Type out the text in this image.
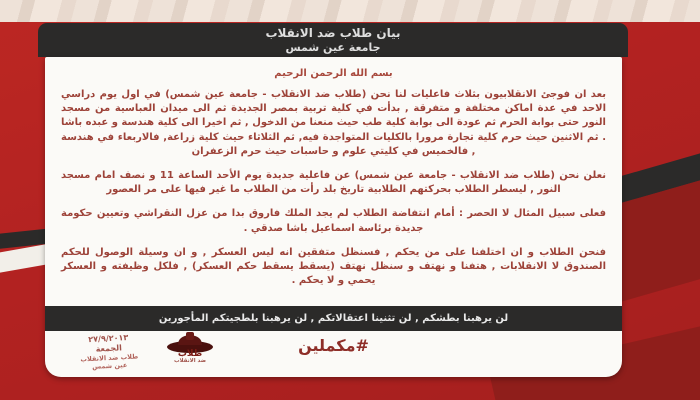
بيان طلاب ضد الانقلاب
جامعة عين شمس
بسم الله الرحمن الرحيم

بعد ان فوجئ الانقلابيون بثلاث فاعليات لنا نحن (طلاب ضد الانقلاب - جامعة عين شمس) في اول يوم دراسي الاحد في عدة اماكن مختلفة و متفرقة , بدأت في كلية تربية بمصر الجديدة ثم الى ميدان العباسية من مسجد النور حتى بوابة الحرم ثم عودة الى بوابة كلية طب حيث منعنا من الدخول , ثم اخيرا الى كلية هندسة و عبده باشا . ثم الاثنين حيث حرم كلية تجارة مرورا بالكليات المتواجدة فيه, ثم الثلاثاء حيث كلية زراعة, فالاربعاء في هندسة , فالخميس في كليتي علوم و حاسبات حيث حرم الزعفران

نعلن نحن (طلاب ضد الانقلاب - جامعة عين شمس) عن فاعلية جديدة يوم الأحد الساعة 11 و نصف امام مسجد النور , ليسطر الطلاب بحركتهم الطلابية تاريخ بلد رأت من الطلاب ما غير فيها على مر العصور

فعلى سبيل المثال لا الحصر : أمام انتفاضة الطلاب لم يجد الملك فاروق بدا من عزل النقراشي وتعيين حكومة جديدة برئاسة اسماعيل باشا صدقي .

فنحن الطلاب و ان اختلفنا على من يحكم , فسنظل متفقين انه ليس العسكر , و ان وسيلة الوصول للحكم الصندوق لا الانقلابات , هتفنا و نهتف و سنظل نهتف (يسقط يسقط حكم العسكر) , فلكل وظيفته و العسكر يحمي و لا يحكم .

لن يرهبنا بطشكم , لن تثنينا اعتقالاتكم , لن يرهبنا بلطجيتكم المأجورين
٢٧/٩/٢٠١٣
الجمعة
طلاب ضد الانقلاب
عين شمس
طلاب
ضد الانقلاب
#مكملين
